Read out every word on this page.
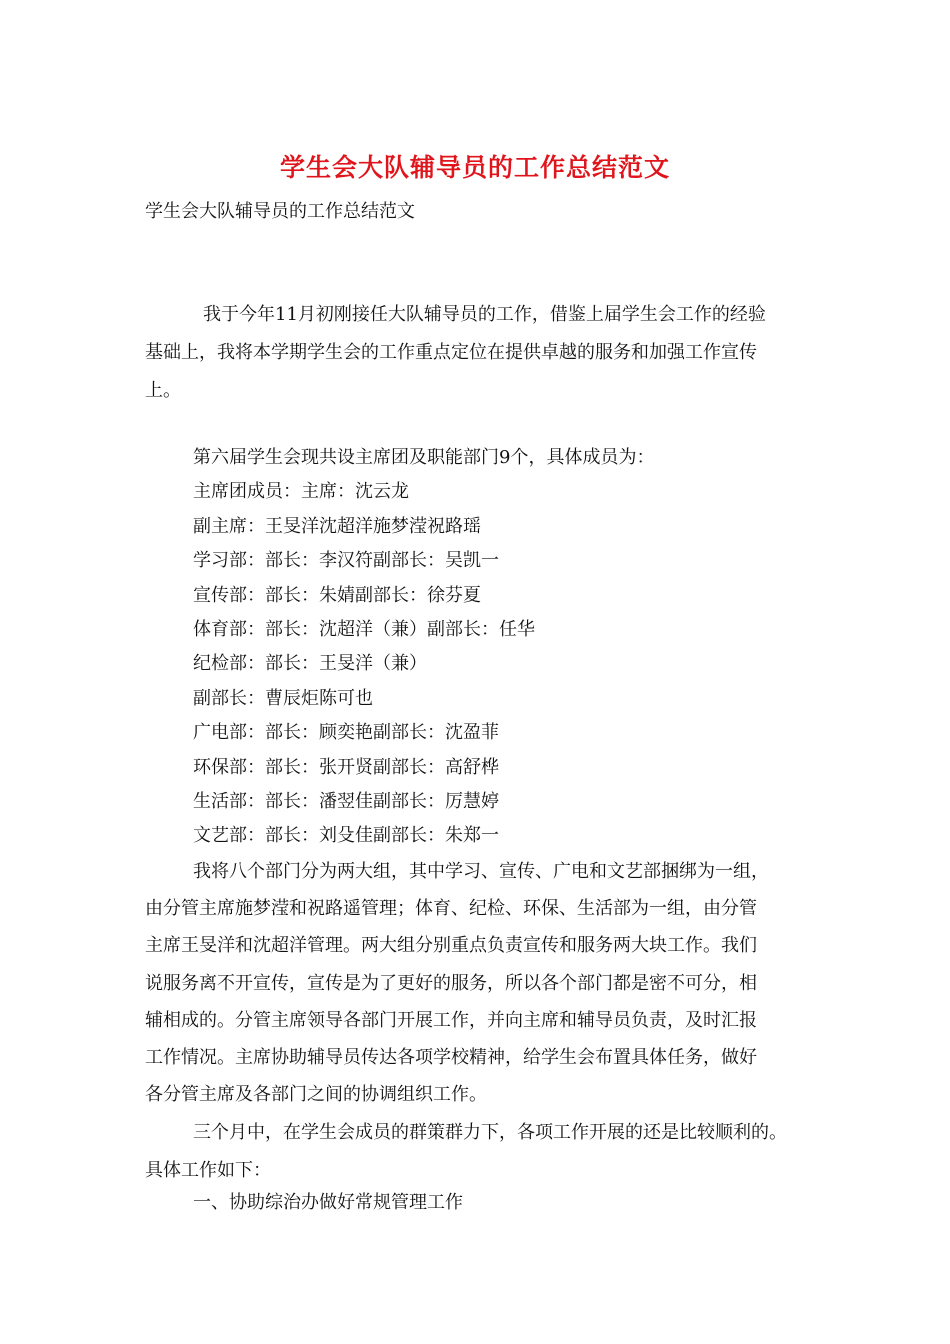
学生会大队辅导员的工作总结范文
学生会大队辅导员的工作总结范文
我于今年11月初刚接任大队辅导员的工作，借鉴上届学生会工作的经验
基础上，我将本学期学生会的工作重点定位在提供卓越的服务和加强工作宣传
上。
第六届学生会现共设主席团及职能部门9个，具体成员为：
主席团成员：主席：沈云龙
副主席：王旻洋沈超洋施梦滢祝路瑶
学习部：部长：李汉符副部长：吴凯一
宣传部：部长：朱婧副部长：徐芬夏
体育部：部长：沈超洋（兼）副部长：任华
纪检部：部长：王旻洋（兼）
副部长：曹辰炬陈可也
广电部：部长：顾奕艳副部长：沈盈菲
环保部：部长：张开贤副部长：高舒桦
生活部：部长：潘翌佳副部长：厉慧婷
文艺部：部长：刘殳佳副部长：朱郑一
我将八个部门分为两大组，其中学习、宣传、广电和文艺部捆绑为一组，
由分管主席施梦滢和祝路遥管理；体育、纪检、环保、生活部为一组，由分管
主席王旻洋和沈超洋管理。两大组分别重点负责宣传和服务两大块工作。我们
说服务离不开宣传，宣传是为了更好的服务，所以各个部门都是密不可分，相
辅相成的。分管主席领导各部门开展工作，并向主席和辅导员负责，及时汇报
工作情况。主席协助辅导员传达各项学校精神，给学生会布置具体任务，做好
各分管主席及各部门之间的协调组织工作。
三个月中，在学生会成员的群策群力下，各项工作开展的还是比较顺利的。
具体工作如下：
一、协助综治办做好常规管理工作
